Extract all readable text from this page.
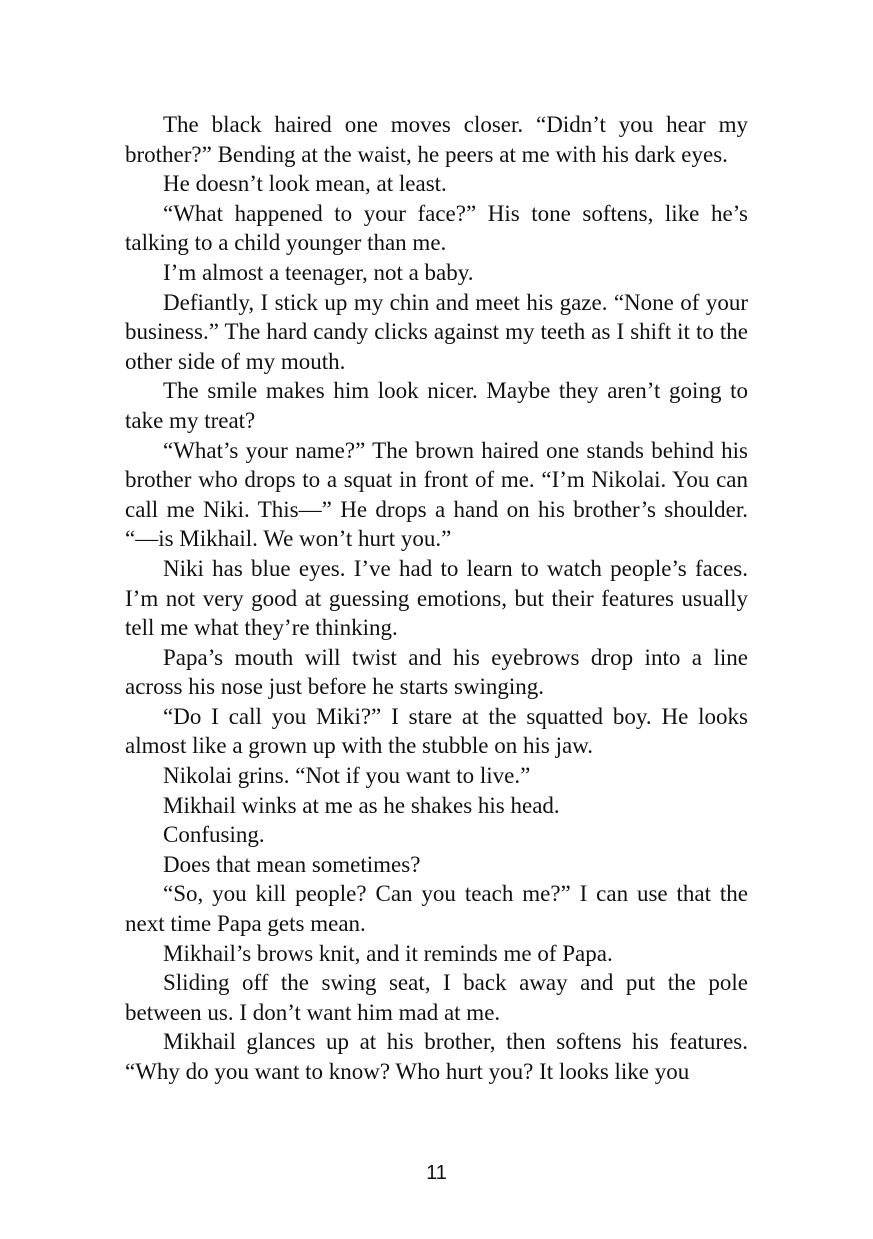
The black haired one moves closer. “Didn’t you hear my brother?” Bending at the waist, he peers at me with his dark eyes.

He doesn’t look mean, at least.

“What happened to your face?” His tone softens, like he’s talking to a child younger than me.

I’m almost a teenager, not a baby.

Defiantly, I stick up my chin and meet his gaze. “None of your business.” The hard candy clicks against my teeth as I shift it to the other side of my mouth.

The smile makes him look nicer. Maybe they aren’t going to take my treat?

“What’s your name?” The brown haired one stands behind his brother who drops to a squat in front of me. “I’m Nikolai. You can call me Niki. This—” He drops a hand on his brother’s shoulder. “—is Mikhail. We won’t hurt you.”

Niki has blue eyes. I’ve had to learn to watch people’s faces. I’m not very good at guessing emotions, but their features usually tell me what they’re thinking.

Papa’s mouth will twist and his eyebrows drop into a line across his nose just before he starts swinging.

“Do I call you Miki?” I stare at the squatted boy. He looks almost like a grown up with the stubble on his jaw.

Nikolai grins. “Not if you want to live.”

Mikhail winks at me as he shakes his head.

Confusing.

Does that mean sometimes?

“So, you kill people? Can you teach me?” I can use that the next time Papa gets mean.

Mikhail’s brows knit, and it reminds me of Papa.

Sliding off the swing seat, I back away and put the pole between us. I don’t want him mad at me.

Mikhail glances up at his brother, then softens his features. “Why do you want to know? Who hurt you? It looks like you

11
